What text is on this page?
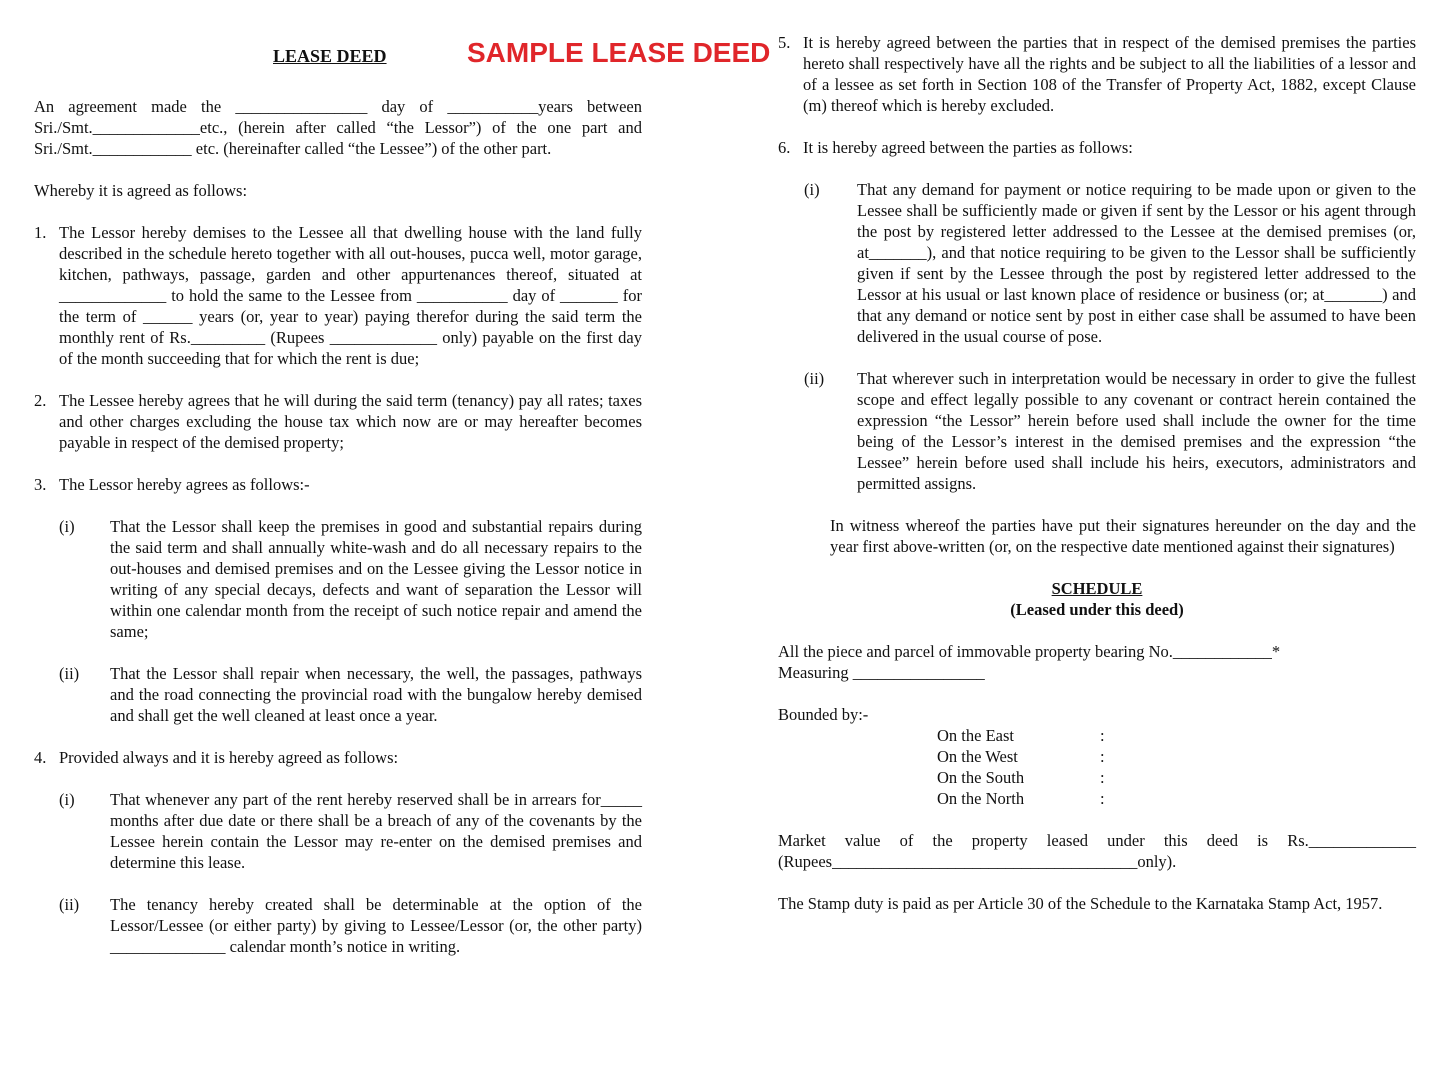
LEASE DEED	SAMPLE LEASE DEED

An agreement made the ________________ day of ___________years between Sri./Smt._____________etc., (herein after called “the Lessor”) of the one part and Sri./Smt.____________ etc. (hereinafter called “the Lessee”) of the other part.

Whereby it is agreed as follows:

1. The Lessor hereby demises to the Lessee all that dwelling house with the land fully described in the schedule hereto together with all out-houses, pucca well, motor garage, kitchen, pathways, passage, garden and other appurtenances thereof, situated at _____________ to hold the same to the Lessee from ___________ day of _______ for the term of ______ years (or, year to year) paying therefor during the said term the monthly rent of Rs._________ (Rupees _____________ only) payable on the first day of the month succeeding that for which the rent is due;
2. The Lessee hereby agrees that he will during the said term (tenancy) pay all rates; taxes and other charges excluding the house tax which now are or may hereafter becomes payable in respect of the demised property;
3. The Lessor hereby agrees as follows:-
(i)	That the Lessor shall keep the premises in good and substantial repairs during the said term and shall annually white-wash and do all necessary repairs to the out-houses and demised premises and on the Lessee giving the Lessor notice in writing of any special decays, defects and want of separation the Lessor will within one calendar month from the receipt of such notice repair and amend the same;
(ii)	That the Lessor shall repair when necessary, the well, the passages, pathways and the road connecting the provincial road with the bungalow hereby demised and shall get the well cleaned at least once a year.
4. Provided always and it is hereby agreed as follows:
(i)	That whenever any part of the rent hereby reserved shall be in arrears for_____ months after due date or there shall be a breach of any of the covenants by the Lessee herein contain the Lessor may re-enter on the demised premises and determine this lease.
(ii)	The tenancy hereby created shall be determinable at the option of the Lessor/Lessee (or either party) by giving to Lessee/Lessor (or, the other party) ______________ calendar month’s notice in writing.
5. It is hereby agreed between the parties that in respect of the demised premises the parties hereto shall respectively have all the rights and be subject to all the liabilities of a lessor and of a lessee as set forth in Section 108 of the Transfer of Property Act, 1882, except Clause (m) thereof which is hereby excluded.
6. It is hereby agreed between the parties as follows:
(i)	That any demand for payment or notice requiring to be made upon or given to the Lessee shall be sufficiently made or given if sent by the Lessor or his agent through the post by registered letter addressed to the Lessee at the demised premises (or, at_______), and that notice requiring to be given to the Lessor shall be sufficiently given if sent by the Lessee through the post by registered letter addressed to the Lessor at his usual or last known place of residence or business (or; at_______) and that any demand or notice sent by post in either case shall be assumed to have been delivered in the usual course of pose.
(ii)	That wherever such in interpretation would be necessary in order to give the fullest scope and effect legally possible to any covenant or contract herein contained the expression “the Lessor” herein before used shall include the owner for the time being of the Lessor’s interest in the demised premises and the expression “the Lessee” herein before used shall include his heirs, executors, administrators and permitted assigns.

In witness whereof the parties have put their signatures hereunder on the day and the year first above-written (or, on the respective date mentioned against their signatures)

SCHEDULE
(Leased under this deed)

All the piece and parcel of immovable property bearing No.____________*

Measuring ________________

Bounded by:-

On the East	:
On the West	:
On the South	:
On the North	:

Market value of the property leased under this deed is Rs._____________ (Rupees_____________________________________only).

The Stamp duty is paid as per Article 30 of the Schedule to the Karnataka Stamp Act, 1957.
